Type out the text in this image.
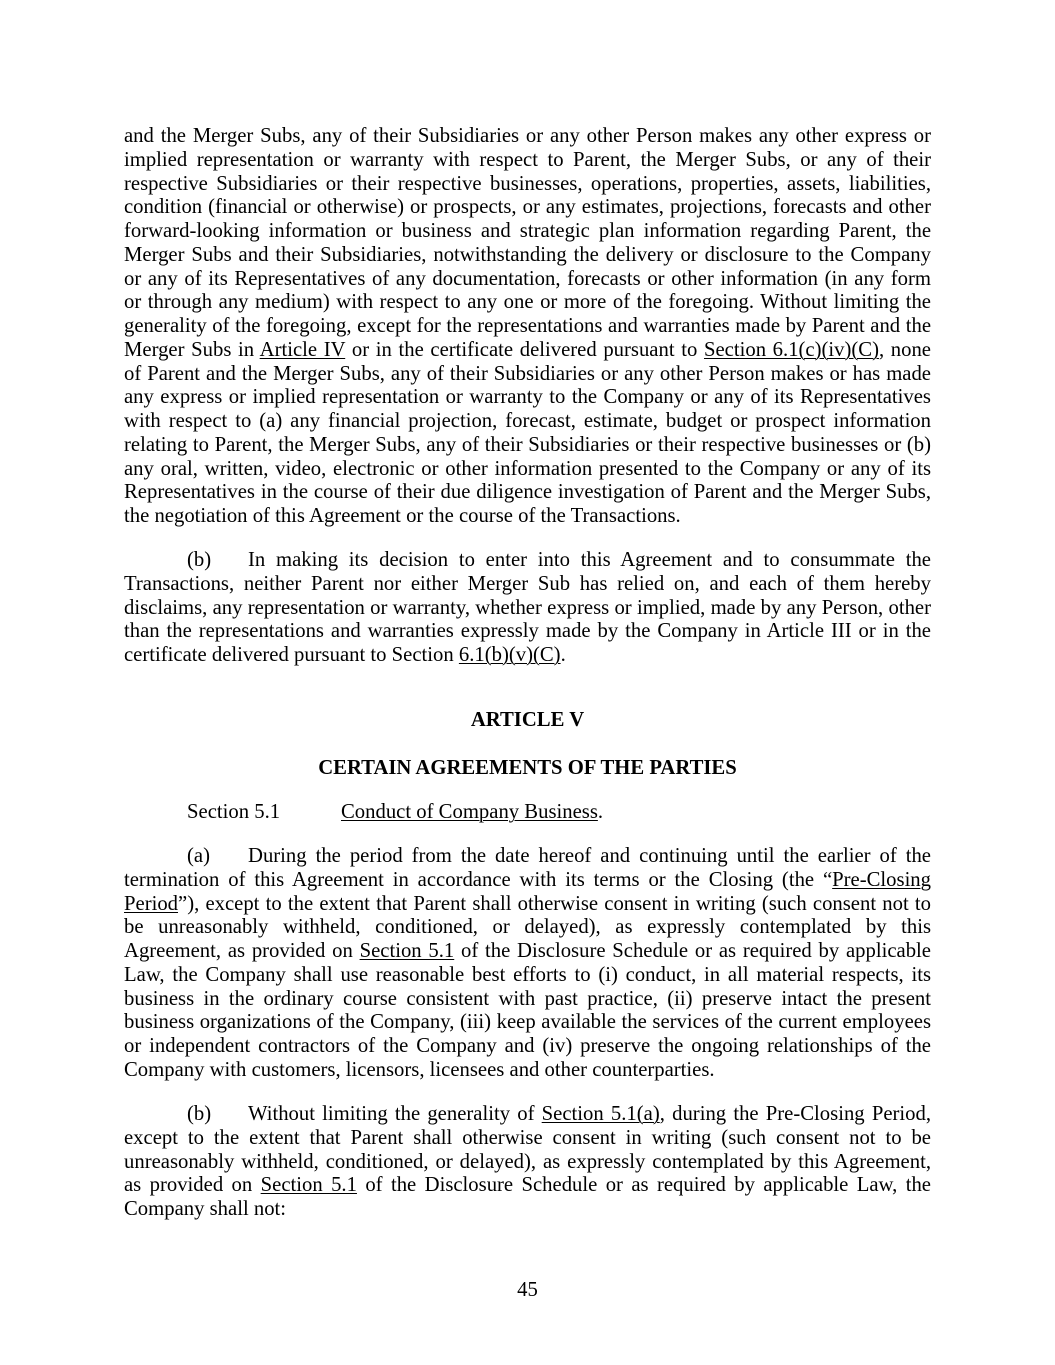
and the Merger Subs, any of their Subsidiaries or any other Person makes any other express or implied representation or warranty with respect to Parent, the Merger Subs, or any of their respective Subsidiaries or their respective businesses, operations, properties, assets, liabilities, condition (financial or otherwise) or prospects, or any estimates, projections, forecasts and other forward-looking information or business and strategic plan information regarding Parent, the Merger Subs and their Subsidiaries, notwithstanding the delivery or disclosure to the Company or any of its Representatives of any documentation, forecasts or other information (in any form or through any medium) with respect to any one or more of the foregoing. Without limiting the generality of the foregoing, except for the representations and warranties made by Parent and the Merger Subs in Article IV or in the certificate delivered pursuant to Section 6.1(c)(iv)(C), none of Parent and the Merger Subs, any of their Subsidiaries or any other Person makes or has made any express or implied representation or warranty to the Company or any of its Representatives with respect to (a) any financial projection, forecast, estimate, budget or prospect information relating to Parent, the Merger Subs, any of their Subsidiaries or their respective businesses or (b) any oral, written, video, electronic or other information presented to the Company or any of its Representatives in the course of their due diligence investigation of Parent and the Merger Subs, the negotiation of this Agreement or the course of the Transactions.
(b) In making its decision to enter into this Agreement and to consummate the Transactions, neither Parent nor either Merger Sub has relied on, and each of them hereby disclaims, any representation or warranty, whether express or implied, made by any Person, other than the representations and warranties expressly made by the Company in Article III or in the certificate delivered pursuant to Section 6.1(b)(v)(C).
ARTICLE V
CERTAIN AGREEMENTS OF THE PARTIES
Section 5.1	Conduct of Company Business.
(a) During the period from the date hereof and continuing until the earlier of the termination of this Agreement in accordance with its terms or the Closing (the “Pre-Closing Period”), except to the extent that Parent shall otherwise consent in writing (such consent not to be unreasonably withheld, conditioned, or delayed), as expressly contemplated by this Agreement, as provided on Section 5.1 of the Disclosure Schedule or as required by applicable Law, the Company shall use reasonable best efforts to (i) conduct, in all material respects, its business in the ordinary course consistent with past practice, (ii) preserve intact the present business organizations of the Company, (iii) keep available the services of the current employees or independent contractors of the Company and (iv) preserve the ongoing relationships of the Company with customers, licensors, licensees and other counterparties.
(b) Without limiting the generality of Section 5.1(a), during the Pre-Closing Period, except to the extent that Parent shall otherwise consent in writing (such consent not to be unreasonably withheld, conditioned, or delayed), as expressly contemplated by this Agreement, as provided on Section 5.1 of the Disclosure Schedule or as required by applicable Law, the Company shall not:
45
